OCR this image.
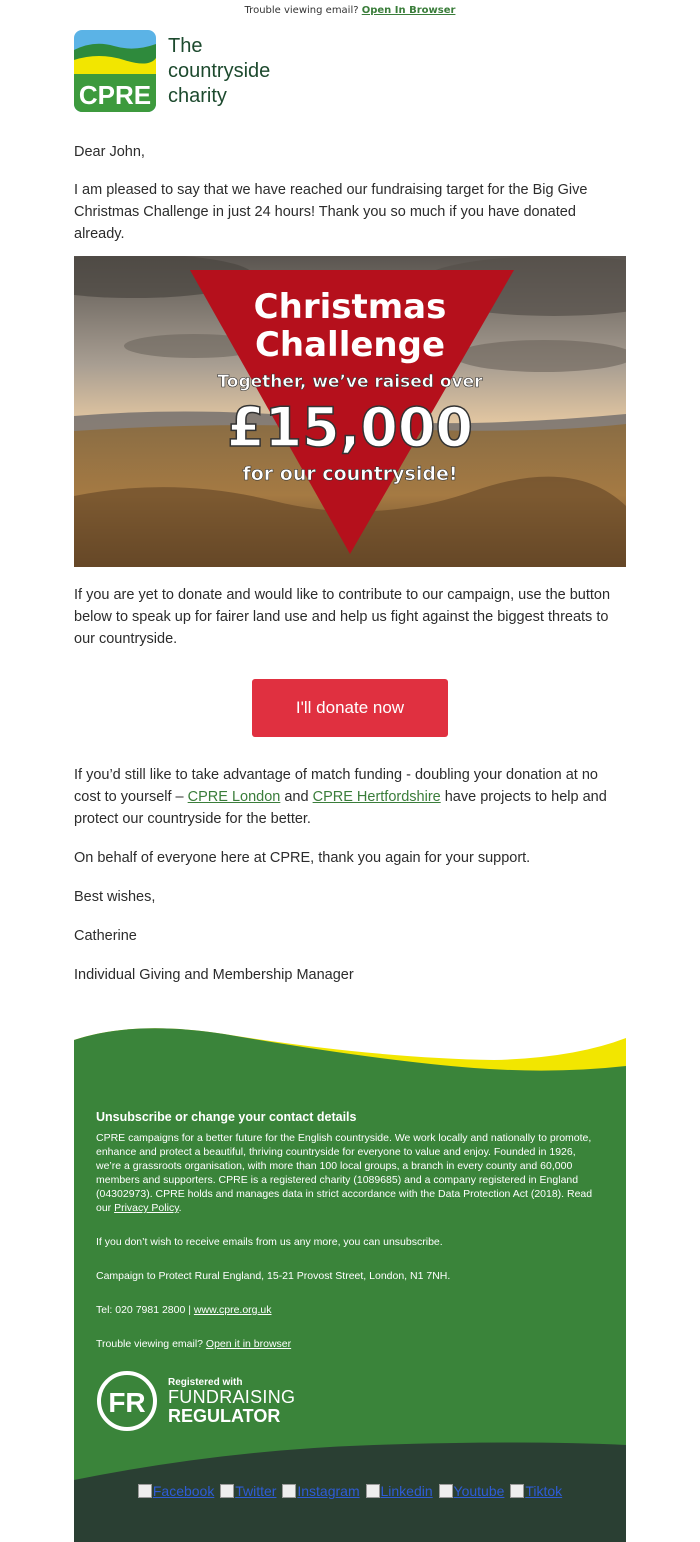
Trouble viewing email? Open In Browser
CPRE
The
countryside
charity
Dear John,
I am pleased to say that we have reached our fundraising target for the Big Give Christmas Challenge in just 24 hours! Thank you so much if you have donated already.
Christmas
Challenge
Together, we’ve raised over
£15,000
for our countryside!
If you are yet to donate and would like to contribute to our campaign, use the button below to speak up for fairer land use and help us fight against the biggest threats to our countryside.
I'll donate now
If you’d still like to take advantage of match funding - doubling your donation at no cost to yourself – CPRE London and CPRE Hertfordshire have projects to help and protect our countryside for the better.
On behalf of everyone here at CPRE, thank you again for your support.
Best wishes,
Catherine
Individual Giving and Membership Manager
Unsubscribe or change your contact details
CPRE campaigns for a better future for the English countryside. We work locally and nationally to promote, enhance and protect a beautiful, thriving countryside for everyone to value and enjoy. Founded in 1926, we’re a grassroots organisation, with more than 100 local groups, a branch in every county and 60,000 members and supporters. CPRE is a registered charity (1089685) and a company registered in England (04302973). CPRE holds and manages data in strict accordance with the Data Protection Act (2018). Read our Privacy Policy.
If you don’t wish to receive emails from us any more, you can unsubscribe.
Campaign to Protect Rural England, 15-21 Provost Street, London, N1 7NH.
Tel: 020 7981 2800 | www.cpre.org.uk
Trouble viewing email? Open it in browser
FR
Registered with
FUNDRAISING
REGULATOR
Facebook Twitter Instagram Linkedin Youtube Tiktok
